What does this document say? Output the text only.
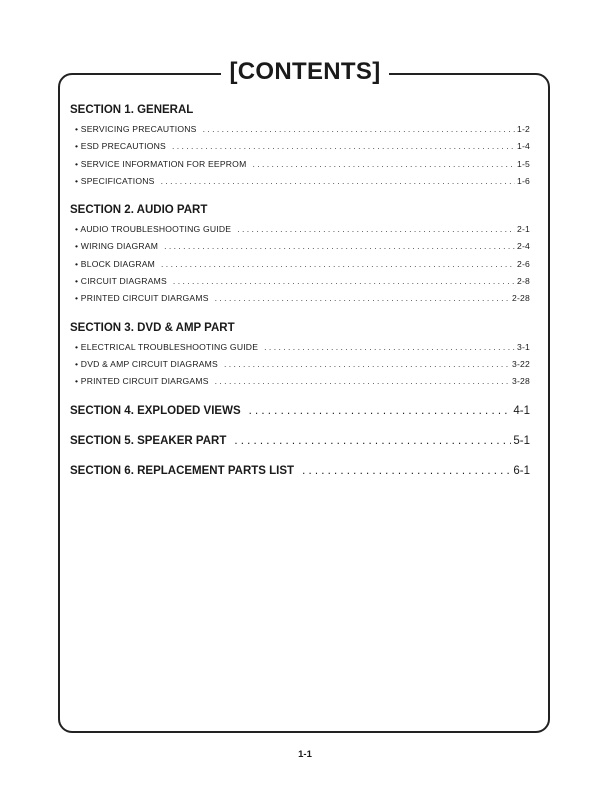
[CONTENTS]
SECTION 1. GENERAL
• SERVICING PRECAUTIONS . . .	1-2
• ESD PRECAUTIONS . . .	1-4
• SERVICE INFORMATION FOR EEPROM . . .	1-5
• SPECIFICATIONS . . .	1-6
SECTION 2. AUDIO PART
• AUDIO TROUBLESHOOTING GUIDE . . .	2-1
• WIRING DIAGRAM . . .	2-4
• BLOCK DIAGRAM . . .	2-6
• CIRCUIT DIAGRAMS . . .	2-8
• PRINTED CIRCUIT DIARGAMS . . .	2-28
SECTION 3. DVD & AMP PART
• ELECTRICAL TROUBLESHOOTING GUIDE . . .	3-1
• DVD & AMP CIRCUIT DIAGRAMS . . .	3-22
• PRINTED CIRCUIT DIARGAMS . . .	3-28
SECTION 4. EXPLODED VIEWS . . .	4-1
SECTION 5. SPEAKER PART . . .	5-1
SECTION 6. REPLACEMENT PARTS LIST . . .	6-1
1-1
